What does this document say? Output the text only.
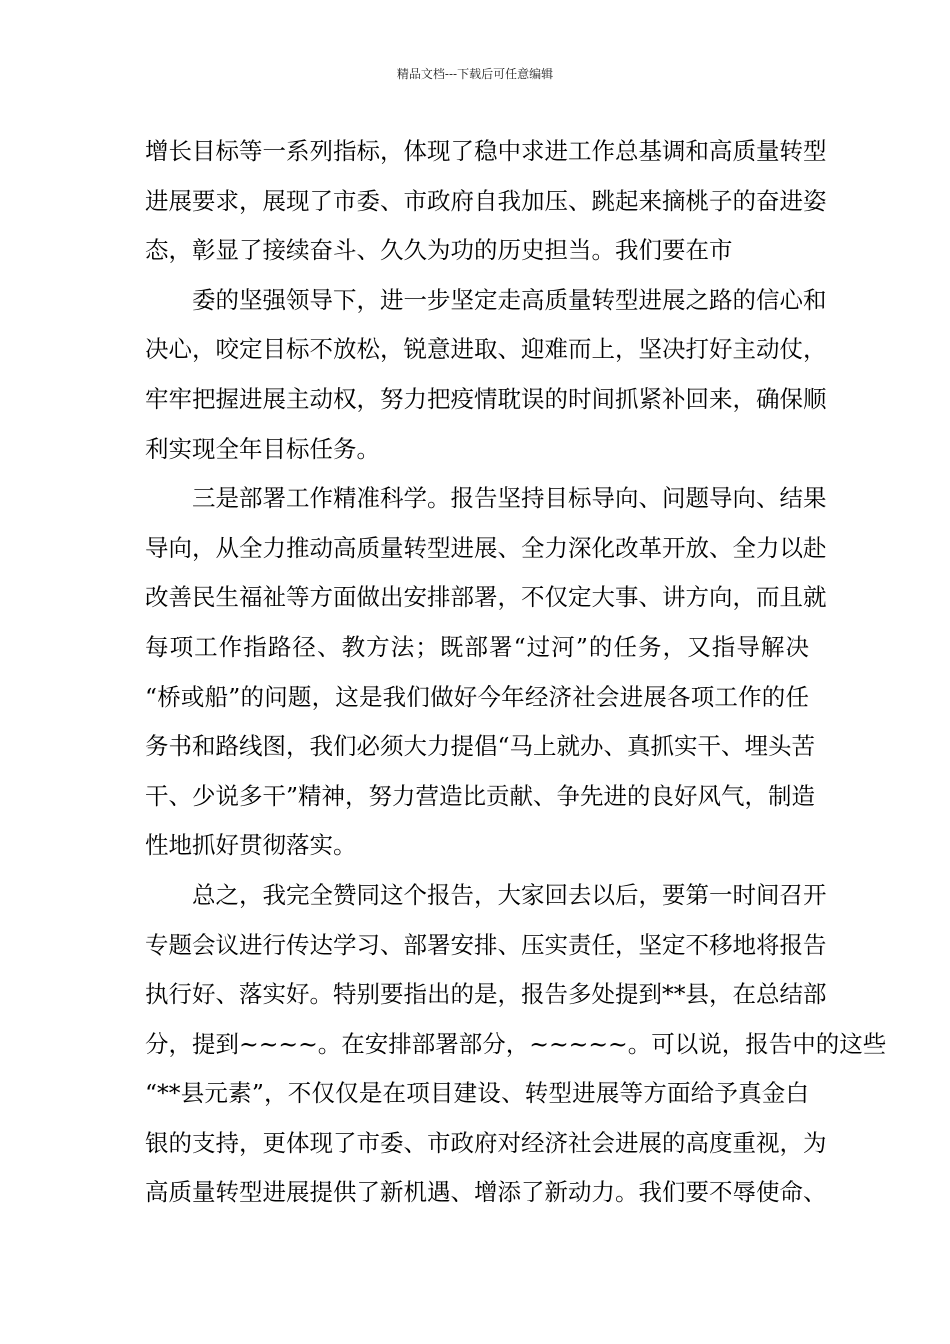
精品文档---下载后可任意编辑
增长目标等一系列指标，体现了稳中求进工作总基调和高质量转型
进展要求，展现了市委、市政府自我加压、跳起来摘桃子的奋进姿
态，彰显了接续奋斗、久久为功的历史担当。我们要在市
委的坚强领导下，进一步坚定走高质量转型进展之路的信心和
决心，咬定目标不放松，锐意进取、迎难而上，坚决打好主动仗，
牢牢把握进展主动权，努力把疫情耽误的时间抓紧补回来，确保顺
利实现全年目标任务。
三是部署工作精准科学。报告坚持目标导向、问题导向、结果
导向，从全力推动高质量转型进展、全力深化改革开放、全力以赴
改善民生福祉等方面做出安排部署，不仅定大事、讲方向，而且就
每项工作指路径、教方法；既部署“过河”的任务，又指导解决
“桥或船”的问题，这是我们做好今年经济社会进展各项工作的任
务书和路线图，我们必须大力提倡“马上就办、真抓实干、埋头苦
干、少说多干”精神，努力营造比贡献、争先进的良好风气，制造
性地抓好贯彻落实。
总之，我完全赞同这个报告，大家回去以后，要第一时间召开
专题会议进行传达学习、部署安排、压实责任，坚定不移地将报告
执行好、落实好。特别要指出的是，报告多处提到**县，在总结部
分，提到~~~~。在安排部署部分，~~~~~。可以说，报告中的这些
“**县元素”，不仅仅是在项目建设、转型进展等方面给予真金白
银的支持，更体现了市委、市政府对经济社会进展的高度重视，为
高质量转型进展提供了新机遇、增添了新动力。我们要不辱使命、
